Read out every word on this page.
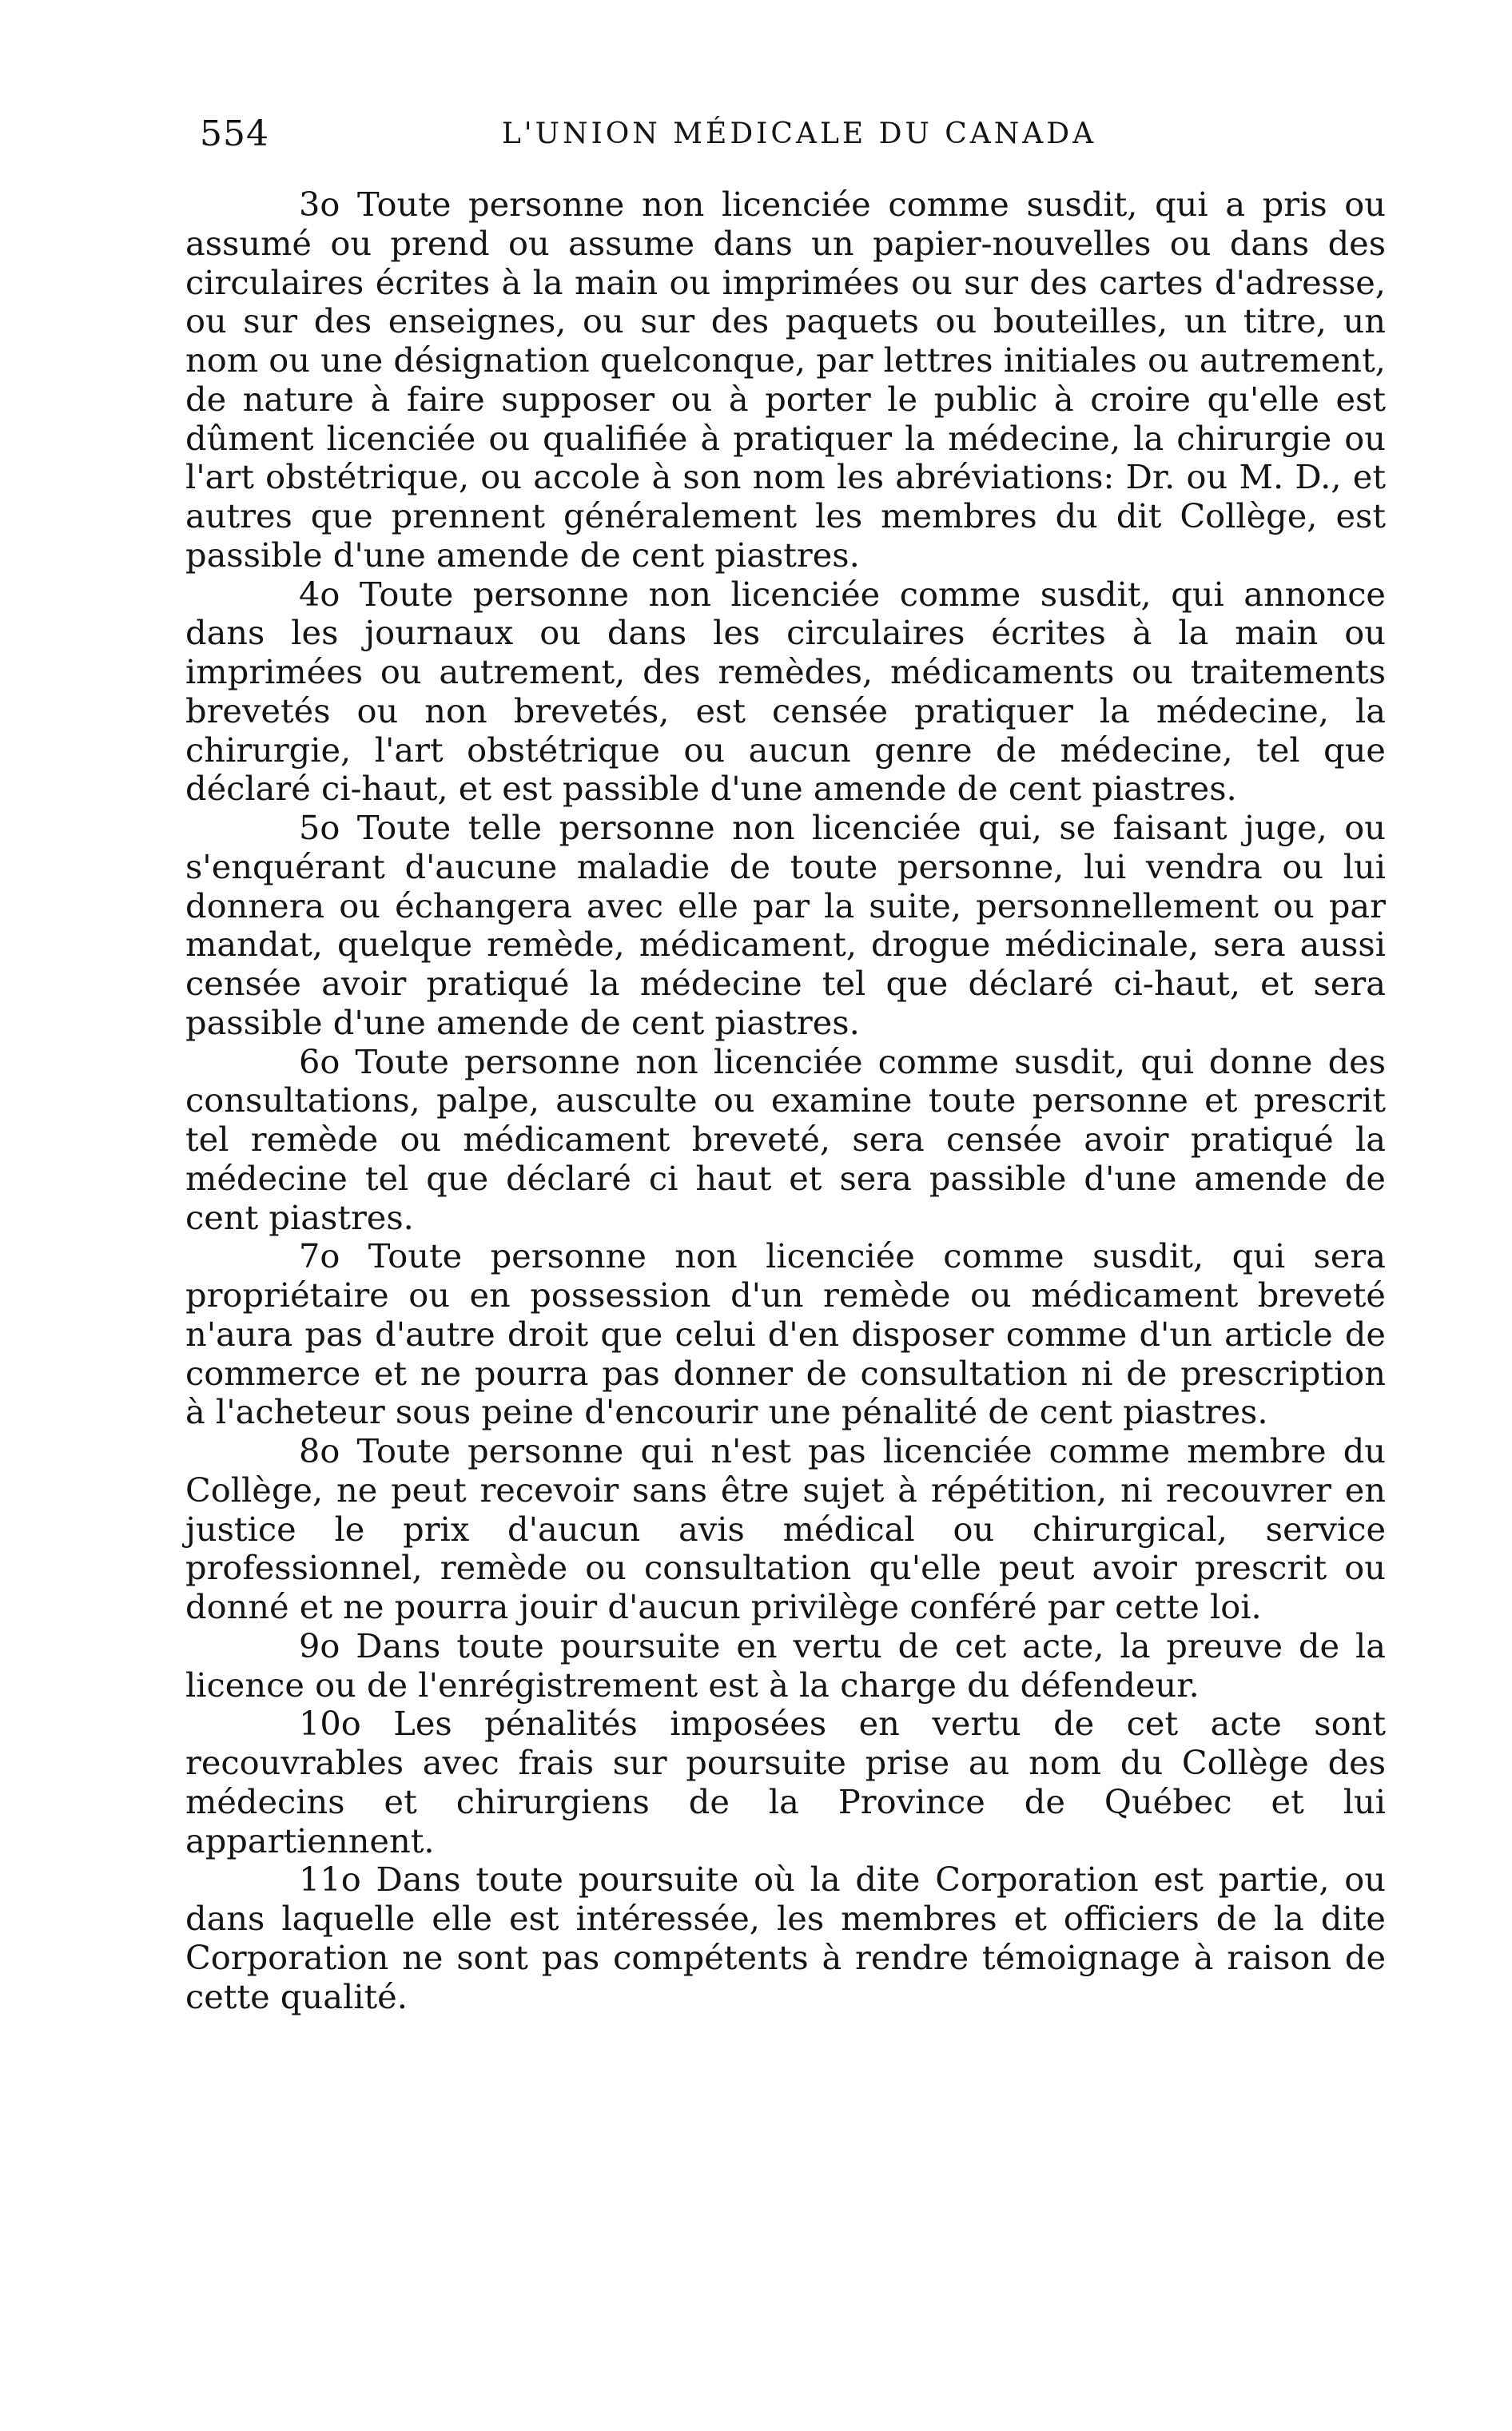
554	L'UNION MÉDICALE DU CANADA

3o Toute personne non licenciée comme susdit, qui a pris ou assumé ou prend ou assume dans un papier-nouvelles ou dans des circulaires écrites à la main ou imprimées ou sur des cartes d'adresse, ou sur des enseignes, ou sur des paquets ou bouteilles, un titre, un nom ou une désignation quelconque, par lettres initiales ou autrement, de nature à faire supposer ou à porter le public à croire qu'elle est dûment licenciée ou qualifiée à pratiquer la médecine, la chirurgie ou l'art obstétrique, ou accole à son nom les abréviations: Dr. ou M. D., et autres que prennent généralement les membres du dit Collège, est passible d'une amende de cent piastres.

4o Toute personne non licenciée comme susdit, qui annonce dans les journaux ou dans les circulaires écrites à la main ou imprimées ou autrement, des remèdes, médicaments ou traitements brevetés ou non brevetés, est censée pratiquer la médecine, la chirurgie, l'art obstétrique ou aucun genre de médecine, tel que déclaré ci-haut, et est passible d'une amende de cent piastres.

5o Toute telle personne non licenciée qui, se faisant juge, ou s'enquérant d'aucune maladie de toute personne, lui vendra ou lui donnera ou échangera avec elle par la suite, personnellement ou par mandat, quelque remède, médicament, drogue médicinale, sera aussi censée avoir pratiqué la médecine tel que déclaré ci-haut, et sera passible d'une amende de cent piastres.

6o Toute personne non licenciée comme susdit, qui donne des consultations, palpe, ausculte ou examine toute personne et prescrit tel remède ou médicament breveté, sera censée avoir pratiqué la médecine tel que déclaré ci haut et sera passible d'une amende de cent piastres.

7o Toute personne non licenciée comme susdit, qui sera propriétaire ou en possession d'un remède ou médicament breveté n'aura pas d'autre droit que celui d'en disposer comme d'un article de commerce et ne pourra pas donner de consultation ni de prescription à l'acheteur sous peine d'encourir une pénalité de cent piastres.

8o Toute personne qui n'est pas licenciée comme membre du Collège, ne peut recevoir sans être sujet à répétition, ni recouvrer en justice le prix d'aucun avis médical ou chirurgical, service professionnel, remède ou consultation qu'elle peut avoir prescrit ou donné et ne pourra jouir d'aucun privilège conféré par cette loi.

9o Dans toute poursuite en vertu de cet acte, la preuve de la licence ou de l'enrégistrement est à la charge du défendeur.

10o Les pénalités imposées en vertu de cet acte sont recouvrables avec frais sur poursuite prise au nom du Collège des médecins et chirurgiens de la Province de Québec et lui appartiennent.

11o Dans toute poursuite où la dite Corporation est partie, ou dans laquelle elle est intéressée, les membres et officiers de la dite Corporation ne sont pas compétents à rendre témoignage à raison de cette qualité.
